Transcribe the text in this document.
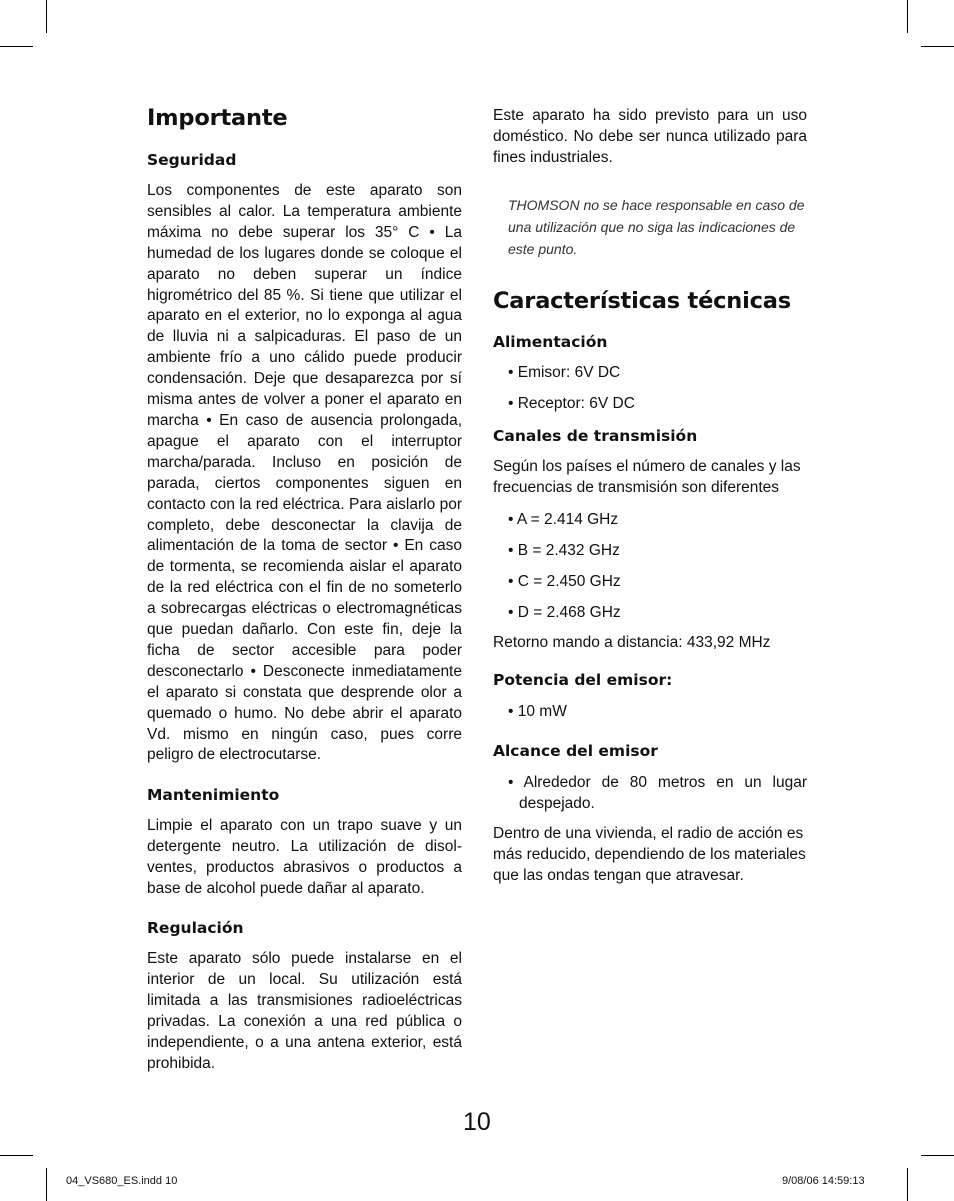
Importante
Seguridad

Los componentes de este aparato son sensibles al calor. La temperatura ambiente máxima no debe superar los 35° C • La humedad de los lugares donde se coloque el aparato no deben superar un índice higrométrico del 85 %. Si tiene que utilizar el aparato en el exterior, no lo exponga al agua de lluvia ni a salpicaduras. El paso de un ambiente frío a uno cálido puede producir condensación. Deje que desaparezca por sí misma antes de volver a poner el aparato en marcha • En caso de ausencia prolongada, apague el aparato con el interruptor marcha/parada. Incluso en posición de parada, ciertos componentes siguen en contacto con la red eléctrica. Para aislarlo por completo, debe desconectar la clavija de alimentación de la toma de sector • En caso de tormenta, se recomienda aislar el aparato de la red eléctrica con el fin de no someterlo a sobrecargas eléctricas o electromagnéticas que puedan dañarlo. Con este fin, deje la ficha de sector accesible para poder desconectarlo • Desconecte inmediatamente el aparato si constata que desprende olor a quemado o humo. No debe abrir el aparato Vd. mismo en ningún caso, pues corre peligro de electrocutarse.

Mantenimiento

Limpie el aparato con un trapo suave y un detergente neutro. La utilización de disolventes, productos abrasivos o productos a base de alcohol puede dañar al aparato.

Regulación

Este aparato sólo puede instalarse en el interior de un local. Su utilización está limitada a las transmisiones radioeléctricas privadas. La conexión a una red pública o independiente, o a una antena exterior, está prohibida.

Este aparato ha sido previsto para un uso doméstico. No debe ser nunca utilizado para fines industriales.

THOMSON no se hace responsable en caso de una utilización que no siga las indicaciones de este punto.

Características técnicas
Alimentación

• Emisor: 6V DC

• Receptor: 6V DC

Canales de transmisión

Según los países el número de canales y las frecuencias de transmisión son diferentes

• A = 2.414 GHz

• B = 2.432 GHz

• C = 2.450 GHz

• D = 2.468 GHz

Retorno mando a distancia: 433,92 MHz

Potencia del emisor:

• 10 mW

Alcance del emisor

• Alrededor de 80 metros en un lugar despejado.

Dentro de una vivienda, el radio de acción es más reducido, dependiendo de los materiales que las ondas tengan que atravesar.

10
04_VS680_ES.indd 10	9/08/06 14:59:13
